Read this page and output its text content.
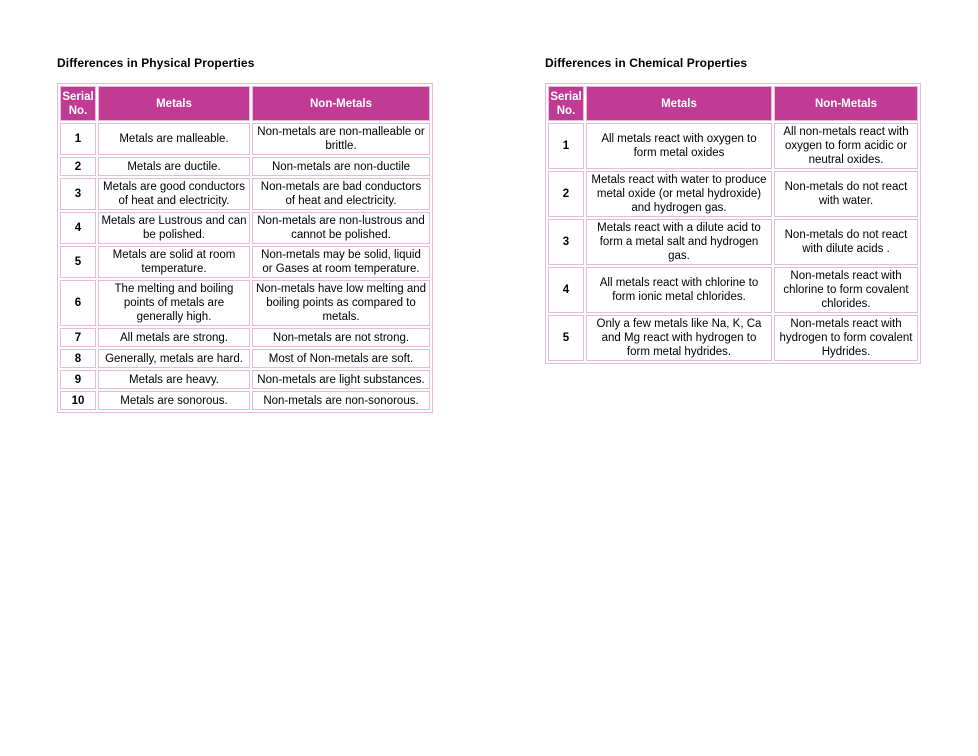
Differences in Physical Properties
Serial No.	Metals	Non-Metals
1	Metals are malleable.	Non-metals are non-malleable or brittle.
2	Metals are ductile.	Non-metals are non-ductile
3	Metals are good conductors of heat and electricity.	Non-metals are bad conductors of heat and electricity.
4	Metals are Lustrous and can be polished.	Non-metals are non-lustrous and cannot be polished.
5	Metals are solid at room temperature.	Non-metals may be solid, liquid or Gases at room temperature.
6	The melting and boiling points of metals are generally high.	Non-metals have low melting and boiling points as compared to metals.
7	All metals are strong.	Non-metals are not strong.
8	Generally, metals are hard.	Most of Non-metals are soft.
9	Metals are heavy.	Non-metals are light substances.
10	Metals are sonorous.	Non-metals are non-sonorous.
Differences in Chemical Properties
Serial No.	Metals	Non-Metals
1	All metals react with oxygen to form metal oxides	All non-metals react with oxygen to form acidic or neutral oxides.
2	Metals react with water to produce metal oxide (or metal hydroxide) and hydrogen gas.	Non-metals do not react with water.
3	Metals react with a dilute acid to form a metal salt and hydrogen gas.	Non-metals do not react with dilute acids .
4	All metals react with chlorine to form ionic metal chlorides.	Non-metals react with chlorine to form covalent chlorides.
5	Only a few metals like Na, K, Ca and Mg react with hydrogen to form metal hydrides.	Non-metals react with hydrogen to form covalent Hydrides.
